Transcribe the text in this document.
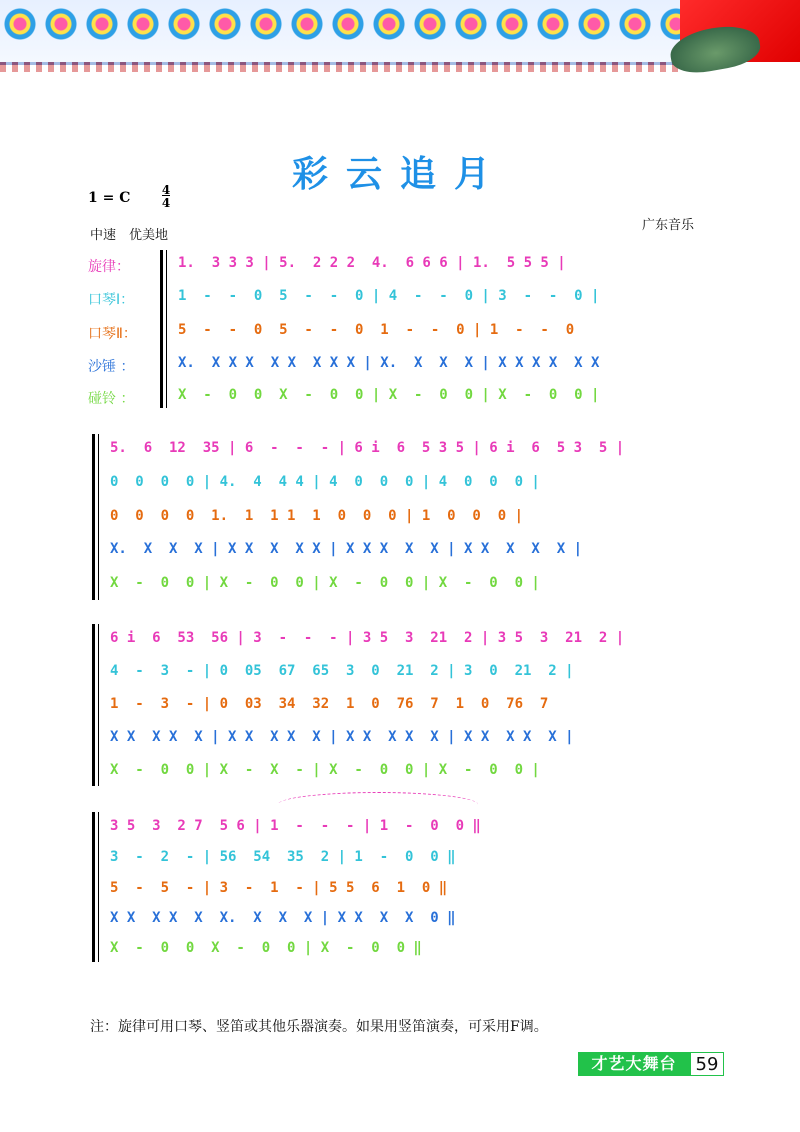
彩云追月
1 = C	4
4
中速　优美地
广东音乐
旋律：
口琴Ⅰ：
口琴Ⅱ：
沙锤 ：
碰铃 ：
1.  3 3 3 | 5.  2 2 2  4.  6 6 6 | 1.  5 5 5 |
1  -  -  0  5  -  -  0 | 4  -  -  0 | 3  -  -  0 |
5  -  -  0  5  -  -  0  1  -  -  0 | 1  -  -  0
X.  X X X  X X  X X X | X.  X  X  X | X X X X  X X
X  -  0  0  X  -  0  0 | X  -  0  0 | X  -  0  0 |
5.  6  12  35 | 6  -  -  - | 6 i  6  5 3 5 | 6 i  6  5 3  5 |
0  0  0  0 | 4.  4  4 4 | 4  0  0  0 | 4  0  0  0 |
0  0  0  0  1.  1  1 1  1  0  0  0 | 1  0  0  0 |
X.  X  X  X | X X  X  X X | X X X  X  X | X X  X  X  X |
X  -  0  0 | X  -  0  0 | X  -  0  0 | X  -  0  0 |
6 i  6  53  56 | 3  -  -  - | 3 5  3  21  2 | 3 5  3  21  2 |
4  -  3  - | 0  05  67  65  3  0  21  2 | 3  0  21  2 |
1  -  3  - | 0  03  34  32  1  0  76  7  1  0  76  7
X X  X X  X | X X  X X  X | X X  X X  X | X X  X X  X |
X  -  0  0 | X  -  X  - | X  -  0  0 | X  -  0  0 |
3 5  3  2 7  5 6 | 1  -  -  - | 1  -  0  0 ‖
3  -  2  - | 56  54  35  2 | 1  -  0  0 ‖
5  -  5  - | 3  -  1  - | 5 5  6  1  0 ‖
X X  X X  X  X.  X  X  X | X X  X  X  0 ‖
X  -  0  0  X  -  0  0 | X  -  0  0 ‖
注：旋律可用口琴、竖笛或其他乐器演奏。如果用竖笛演奏，可采用F调。
才艺大舞台	59
